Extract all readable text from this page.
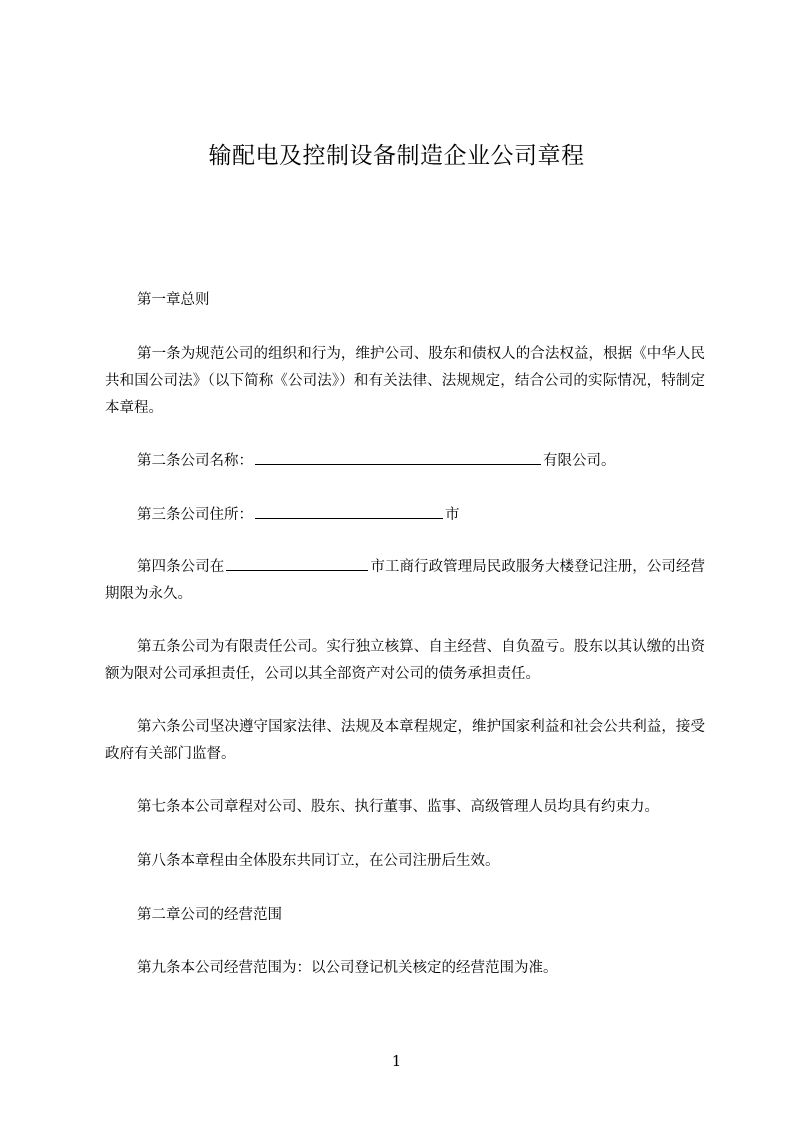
输配电及控制设备制造企业公司章程
第一章总则
第一条为规范公司的组织和行为，维护公司、股东和债权人的合法权益，根据《中华人民共和国公司法》（以下简称《公司法》）和有关法律、法规规定，结合公司的实际情况，特制定本章程。
第二条公司名称：	有限公司。
第三条公司住所：	市
第四条公司在	市工商行政管理局民政服务大楼登记注册，公司经营期限为永久。
第五条公司为有限责任公司。实行独立核算、自主经营、自负盈亏。股东以其认缴的出资额为限对公司承担责任，公司以其全部资产对公司的债务承担责任。
第六条公司坚决遵守国家法律、法规及本章程规定，维护国家利益和社会公共利益，接受政府有关部门监督。
第七条本公司章程对公司、股东、执行董事、监事、高级管理人员均具有约束力。
第八条本章程由全体股东共同订立，在公司注册后生效。
第二章公司的经营范围
第九条本公司经营范围为：以公司登记机关核定的经营范围为准。
1
